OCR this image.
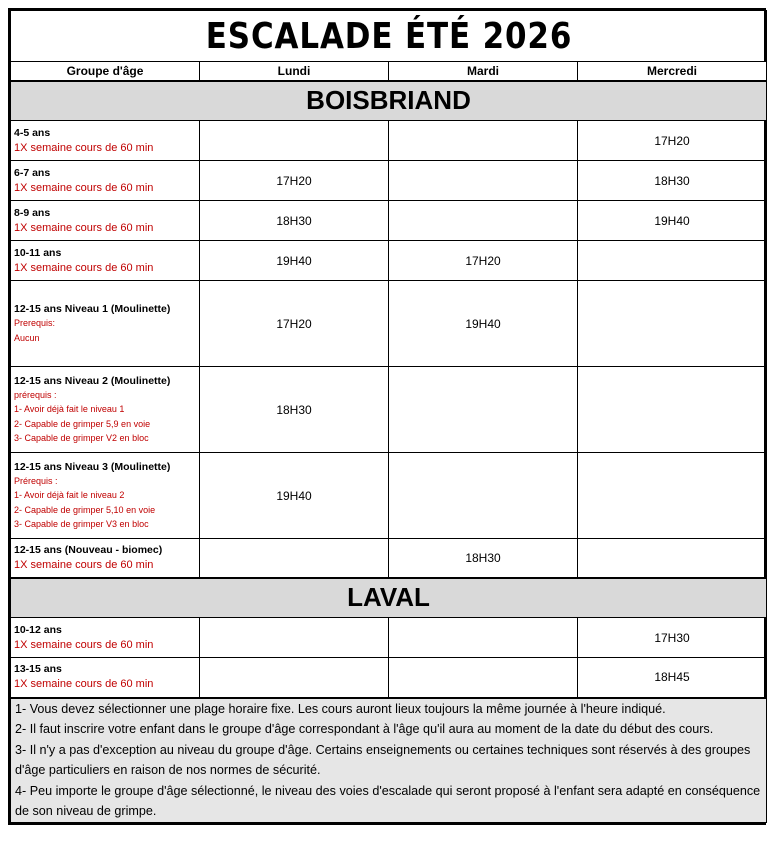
ESCALADE ÉTÉ 2026			
Groupe d'âge	Lundi	Mardi	Mercredi
BOISBRIAND			

4-5 ans
1X semaine cours de 60 min			17H20

6-7 ans
1X semaine cours de 60 min	17H20		18H30

8-9 ans
1X semaine cours de 60 min	18H30		19H40

10-11 ans
1X semaine cours de 60 min	19H40	17H20	

12-15 ans Niveau 1 (Moulinette)
Prerequis:
Aucun	17H20	19H40	

12-15 ans Niveau 2 (Moulinette)
prérequis :
1- Avoir déjà fait le niveau 1
2- Capable de grimper 5,9 en voie
3- Capable de grimper V2 en bloc	18H30		

12-15 ans Niveau 3 (Moulinette)
Prérequis :
1- Avoir déjà fait le niveau 2
2- Capable de grimper 5,10 en voie
3- Capable de grimper V3 en bloc	19H40		

12-15 ans (Nouveau - biomec)
1X semaine cours de 60 min		18H30	
LAVAL			

10-12 ans
1X semaine cours de 60 min			17H30

13-15 ans
1X semaine cours de 60 min			18H45

1- Vous devez sélectionner une plage horaire fixe. Les cours auront lieux toujours la même journée à l'heure indiqué.
2- Il faut inscrire votre enfant dans le groupe d'âge correspondant à l'âge qu'il aura au moment de la date du début des cours.
3- Il n'y a pas d'exception au niveau du groupe d'âge. Certains enseignements ou certaines techniques sont réservés à des groupes d'âge particuliers en raison de nos normes de sécurité.
4- Peu importe le groupe d'âge sélectionné, le niveau des voies d'escalade qui seront proposé à l'enfant sera adapté en conséquence de son niveau de grimpe.			
